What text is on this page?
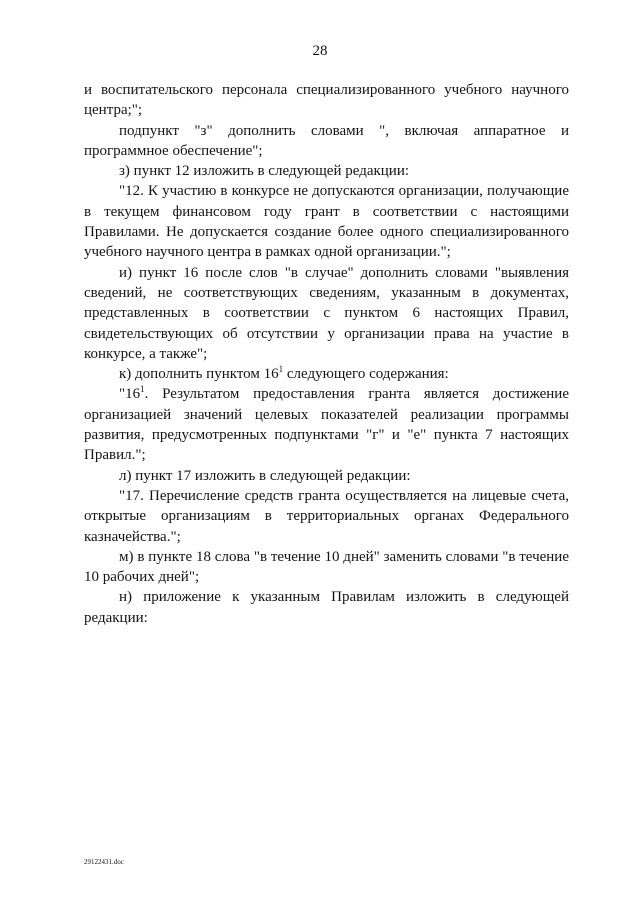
28

и воспитательского персонала специализированного учебного научного центра;";

подпункт "з" дополнить словами ", включая аппаратное и программное обеспечение";

з) пункт 12 изложить в следующей редакции:

"12. К участию в конкурсе не допускаются организации, получающие в текущем финансовом году грант в соответствии с настоящими Правилами. Не допускается создание более одного специализированного учебного научного центра в рамках одной организации.";

и) пункт 16 после слов "в случае" дополнить словами "выявления сведений, не соответствующих сведениям, указанным в документах, представленных в соответствии с пунктом 6 настоящих Правил, свидетельствующих об отсутствии у организации права на участие в конкурсе, а также";

к) дополнить пунктом $16^1$ следующего содержания:

"$16^1$. Результатом предоставления гранта является достижение организацией значений целевых показателей реализации программы развития, предусмотренных подпунктами "г" и "е" пункта 7 настоящих Правил.";

л) пункт 17 изложить в следующей редакции:

"17. Перечисление средств гранта осуществляется на лицевые счета, открытые организациям в территориальных органах Федерального казначейства.";

м) в пункте 18 слова "в течение 10 дней" заменить словами "в течение 10 рабочих дней";

н) приложение к указанным Правилам изложить в следующей редакции:

29122431.doc
